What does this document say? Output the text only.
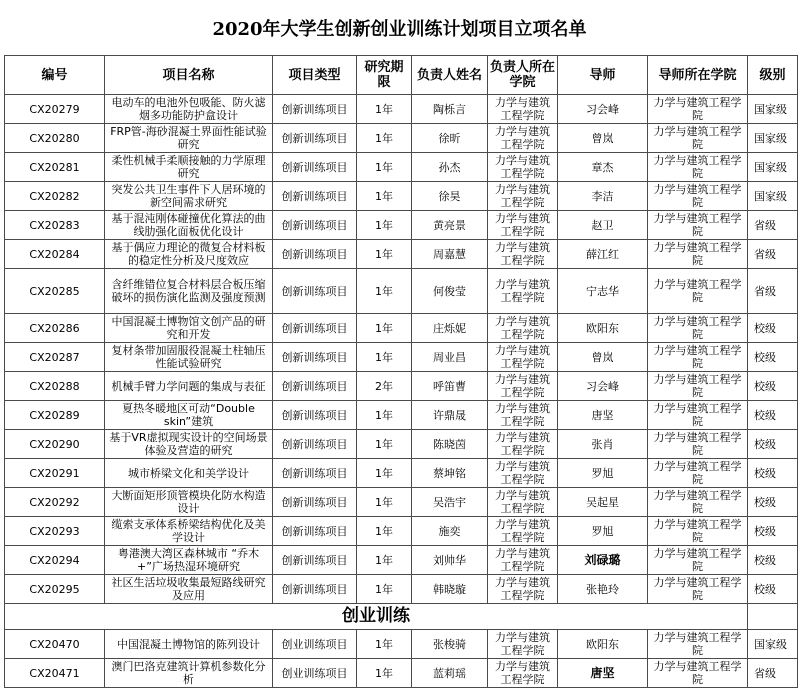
2020年大学生创新创业训练计划项目立项名单
编号	项目名称	项目类型	研究期限	负责人姓名	负责人所在学院	导师	导师所在学院	级别
CX20279	电动车的电池外包吸能、防火滤烟多功能防护盒设计	创新训练项目	1年	陶栎言	力学与建筑工程学院	习会峰	力学与建筑工程学院	国家级
CX20280	FRP管-海砂混凝土界面性能试验研究	创新训练项目	1年	徐昕	力学与建筑工程学院	曾岚	力学与建筑工程学院	国家级
CX20281	柔性机械手柔顺接触的力学原理研究	创新训练项目	1年	孙杰	力学与建筑工程学院	章杰	力学与建筑工程学院	国家级
CX20282	突发公共卫生事件下人居环境的新空间需求研究	创新训练项目	1年	徐昊	力学与建筑工程学院	李洁	力学与建筑工程学院	国家级
CX20283	基于混沌刚体碰撞优化算法的曲线肋强化面板优化设计	创新训练项目	1年	黄亮景	力学与建筑工程学院	赵卫	力学与建筑工程学院	省级
CX20284	基于偶应力理论的微复合材料板的稳定性分析及尺度效应	创新训练项目	1年	周嘉慧	力学与建筑工程学院	薛江红	力学与建筑工程学院	省级
CX20285	含纤维错位复合材料层合板压缩破坏的损伤演化监测及强度预测	创新训练项目	1年	何俊莹	力学与建筑工程学院	宁志华	力学与建筑工程学院	省级
CX20286	中国混凝土博物馆文创产品的研究和开发	创新训练项目	1年	庄烁妮	力学与建筑工程学院	欧阳东	力学与建筑工程学院	校级
CX20287	复材条带加固服役混凝土柱轴压性能试验研究	创新训练项目	1年	周业昌	力学与建筑工程学院	曾岚	力学与建筑工程学院	校级
CX20288	机械手臂力学问题的集成与表征	创新训练项目	2年	呼笛曹	力学与建筑工程学院	习会峰	力学与建筑工程学院	校级
CX20289	夏热冬暖地区可动“Double skin”建筑	创新训练项目	1年	许鼎晟	力学与建筑工程学院	唐坚	力学与建筑工程学院	校级
CX20290	基于VR虚拟现实设计的空间场景体验及营造的研究	创新训练项目	1年	陈晓茵	力学与建筑工程学院	张肖	力学与建筑工程学院	校级
CX20291	城市桥梁文化和美学设计	创新训练项目	1年	蔡坤铭	力学与建筑工程学院	罗旭	力学与建筑工程学院	校级
CX20292	大断面矩形顶管模块化防水构造设计	创新训练项目	1年	吴浩宇	力学与建筑工程学院	吴起星	力学与建筑工程学院	校级
CX20293	缆索支承体系桥梁结构优化及美学设计	创新训练项目	1年	施奕	力学与建筑工程学院	罗旭	力学与建筑工程学院	校级
CX20294	粤港澳大湾区森林城市 “乔木+”广场热湿环境研究	创新训练项目	1年	刘帅华	力学与建筑工程学院	刘碌璐	力学与建筑工程学院	校级
CX20295	社区生活垃圾收集最短路线研究及应用	创新训练项目	1年	韩晓璇	力学与建筑工程学院	张艳玲	力学与建筑工程学院	校级
创业训练								
CX20470	中国混凝土博物馆的陈列设计	创业训练项目	1年	张梭骑	力学与建筑工程学院	欧阳东	力学与建筑工程学院	国家级
CX20471	澳门巴洛克建筑计算机参数化分析	创业训练项目	1年	蓝莉瑶	力学与建筑工程学院	唐坚	力学与建筑工程学院	省级
